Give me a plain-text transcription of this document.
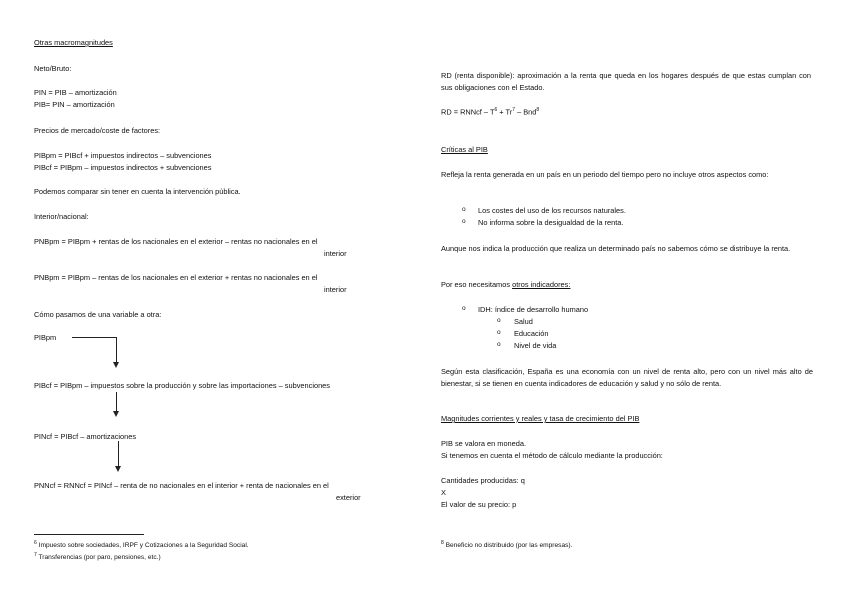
Otras macromagnitudes
Neto/Bruto:
PIN = PIB – amortización
PIB= PIN – amortización
Precios de mercado/coste de factores:
PIBpm = PIBcf + impuestos indirectos – subvenciones
PIBcf = PIBpm – impuestos indirectos + subvenciones
Podemos comparar sin tener en cuenta la intervención pública.
Interior/nacional:
PNBpm = PIBpm + rentas de los nacionales en el exterior – rentas no nacionales en el
interior
PNBpm = PIBpm – rentas de los nacionales en el exterior + rentas no nacionales en el
interior
Cómo pasamos de una variable a otra:
PIBpm
PIBcf = PIBpm – impuestos sobre la producción y sobre las importaciones – subvenciones
PINcf = PIBcf – amortizaciones
PNNcf = RNNcf = PINcf – renta de no nacionales en el interior + renta de nacionales en el
exterior
$^6$ Impuesto sobre sociedades, IRPF y Cotizaciones a la Seguridad Social.
$^7$ Transferencias (por paro, pensiones, etc.)
RD (renta disponible): aproximación a la renta que queda en los hogares después de que estas cumplan con sus obligaciones con el Estado.
RD = RNNcf – $T^6 + Tr^7 - Bnd^8$
Críticas al PIB
Refleja la renta generada en un país en un periodo del tiempo pero no incluye otros aspectos como:
o Los costes del uso de los recursos naturales.
o No informa sobre la desigualdad de la renta.
Aunque nos indica la producción que realiza un determinado país no sabemos cómo se distribuye la renta.
Por eso necesitamos otros indicadores:
o IDH: índice de desarrollo humano
o Salud
o Educación
o Nivel de vida
Según esta clasificación, España es una economía con un nivel de renta alto, pero con un nivel más alto de bienestar, si se tienen en cuenta indicadores de educación y salud y no sólo de renta.
Magnitudes corrientes y reales y tasa de crecimiento del PIB
PIB se valora en moneda.
Si tenemos en cuenta el método de cálculo mediante la producción:
Cantidades producidas: q
X
El valor de su precio: p
$^8$ Beneficio no distribuido (por las empresas).
